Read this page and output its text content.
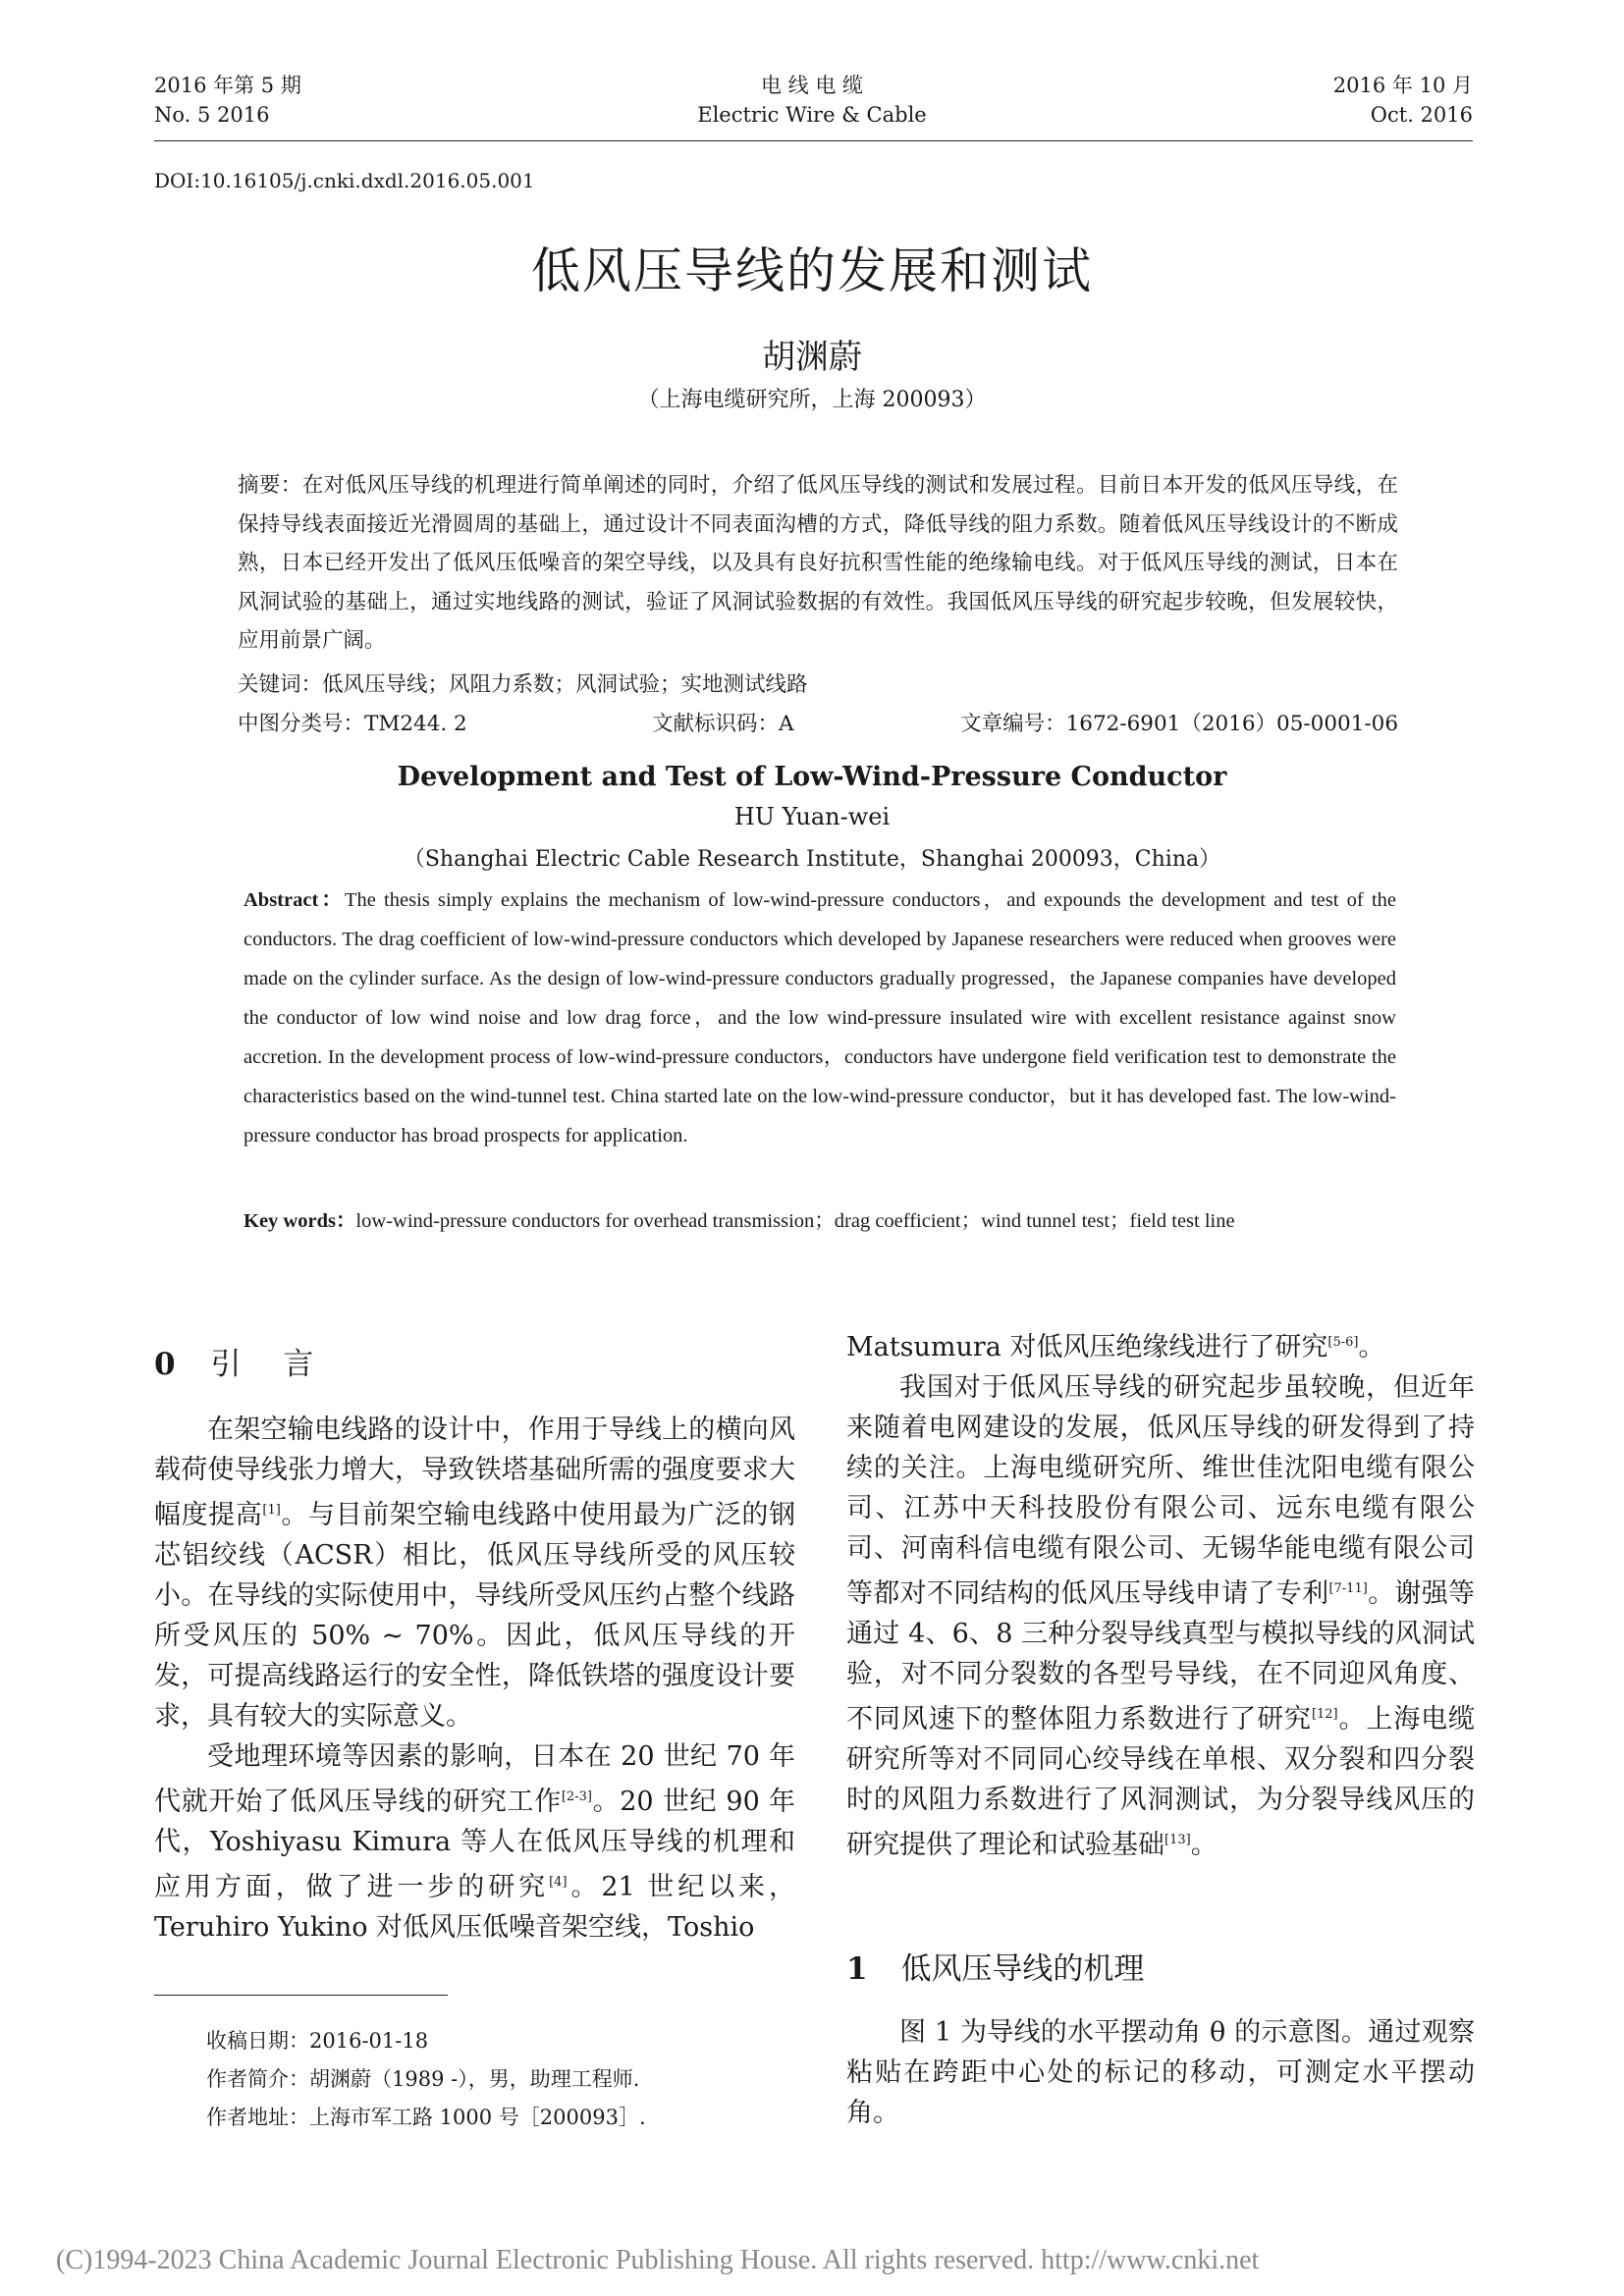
2016 年第 5 期
No. 5 2016
电 线 电 缆
Electric Wire & Cable
2016 年 10 月
Oct. 2016
DOI:10.16105/j.cnki.dxdl.2016.05.001
低风压导线的发展和测试
胡渊蔚
（上海电缆研究所，上海 200093）
摘要：在对低风压导线的机理进行简单阐述的同时，介绍了低风压导线的测试和发展过程。目前日本开发的低风压导线，在保持导线表面接近光滑圆周的基础上，通过设计不同表面沟槽的方式，降低导线的阻力系数。随着低风压导线设计的不断成熟，日本已经开发出了低风压低噪音的架空导线，以及具有良好抗积雪性能的绝缘输电线。对于低风压导线的测试，日本在风洞试验的基础上，通过实地线路的测试，验证了风洞试验数据的有效性。我国低风压导线的研究起步较晚，但发展较快，应用前景广阔。
关键词：低风压导线；风阻力系数；风洞试验；实地测试线路
中图分类号：TM244. 2	文献标识码：A	文章编号：1672-6901（2016）05-0001-06
Development and Test of Low-Wind-Pressure Conductor
HU Yuan-wei
（Shanghai Electric Cable Research Institute，Shanghai 200093，China）
Abstract：The thesis simply explains the mechanism of low-wind-pressure conductors，and expounds the development and test of the conductors. The drag coefficient of low-wind-pressure conductors which developed by Japanese researchers were reduced when grooves were made on the cylinder surface. As the design of low-wind-pressure conductors gradually progressed，the Japanese companies have developed the conductor of low wind noise and low drag force，and the low wind-pressure insulated wire with excellent resistance against snow accretion. In the development process of low-wind-pressure conductors，conductors have undergone field verification test to demonstrate the characteristics based on the wind-tunnel test. China started late on the low-wind-pressure conductor，but it has developed fast. The low-wind-pressure conductor has broad prospects for application.
Key words：low-wind-pressure conductors for overhead transmission；drag coefficient；wind tunnel test；field test line
0 引　言

在架空输电线路的设计中，作用于导线上的横向风载荷使导线张力增大，导致铁塔基础所需的强度要求大幅度提高[1]。与目前架空输电线路中使用最为广泛的钢芯铝绞线（ACSR）相比，低风压导线所受的风压较小。在导线的实际使用中，导线所受风压约占整个线路所受风压的 50% ~ 70%。因此，低风压导线的开发，可提高线路运行的安全性，降低铁塔的强度设计要求，具有较大的实际意义。

受地理环境等因素的影响，日本在 20 世纪 70 年代就开始了低风压导线的研究工作[2-3]。20 世纪 90 年代，Yoshiyasu Kimura 等人在低风压导线的机理和应用方面，做了进一步的研究[4]。21 世纪以来，Teruhiro Yukino 对低风压低噪音架空线，Toshio

Matsumura 对低风压绝缘线进行了研究[5-6]。

我国对于低风压导线的研究起步虽较晚，但近年来随着电网建设的发展，低风压导线的研发得到了持续的关注。上海电缆研究所、维世佳沈阳电缆有限公司、江苏中天科技股份有限公司、远东电缆有限公司、河南科信电缆有限公司、无锡华能电缆有限公司等都对不同结构的低风压导线申请了专利[7-11]。谢强等通过 4、6、8 三种分裂导线真型与模拟导线的风洞试验，对不同分裂数的各型号导线，在不同迎风角度、不同风速下的整体阻力系数进行了研究[12]。上海电缆研究所等对不同同心绞导线在单根、双分裂和四分裂时的风阻力系数进行了风洞测试，为分裂导线风压的研究提供了理论和试验基础[13]。

1 低风压导线的机理

图 1 为导线的水平摆动角 θ 的示意图。通过观察粘贴在跨距中心处的标记的移动，可测定水平摆动角。

收稿日期：2016-01-18
作者简介：胡渊蔚（1989 -），男，助理工程师.
作者地址：上海市军工路 1000 号［200093］.
(C)1994-2023 China Academic Journal Electronic Publishing House. All rights reserved. http://www.cnki.net
